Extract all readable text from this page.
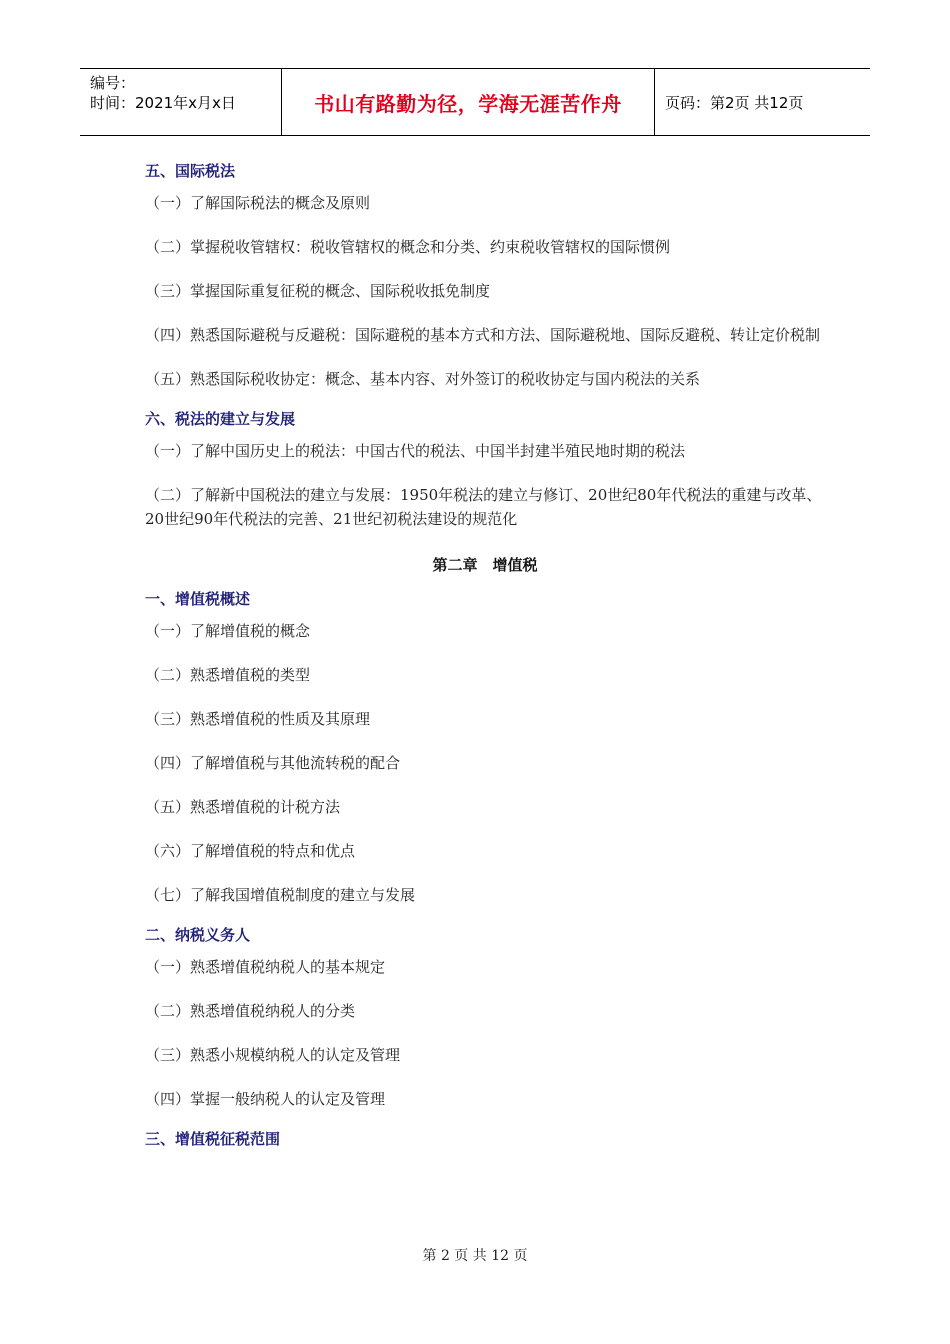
编号：
时间：2021年x月x日	书山有路勤为径，学海无涯苦作舟	页码：第2页 共12页
五、国际税法

（一）了解国际税法的概念及原则

（二）掌握税收管辖权：税收管辖权的概念和分类、约束税收管辖权的国际惯例

（三）掌握国际重复征税的概念、国际税收抵免制度

（四）熟悉国际避税与反避税：国际避税的基本方式和方法、国际避税地、国际反避税、转让定价税制

（五）熟悉国际税收协定：概念、基本内容、对外签订的税收协定与国内税法的关系

六、税法的建立与发展

（一）了解中国历史上的税法：中国古代的税法、中国半封建半殖民地时期的税法

（二）了解新中国税法的建立与发展：1950年税法的建立与修订、20世纪80年代税法的重建与改革、20世纪90年代税法的完善、21世纪初税法建设的规范化

第二章　增值税
一、增值税概述

（一）了解增值税的概念

（二）熟悉增值税的类型

（三）熟悉增值税的性质及其原理

（四）了解增值税与其他流转税的配合

（五）熟悉增值税的计税方法

（六）了解增值税的特点和优点

（七）了解我国增值税制度的建立与发展

二、纳税义务人

（一）熟悉增值税纳税人的基本规定

（二）熟悉增值税纳税人的分类

（三）熟悉小规模纳税人的认定及管理

（四）掌握一般纳税人的认定及管理

三、增值税征税范围
第 2 页 共 12 页
